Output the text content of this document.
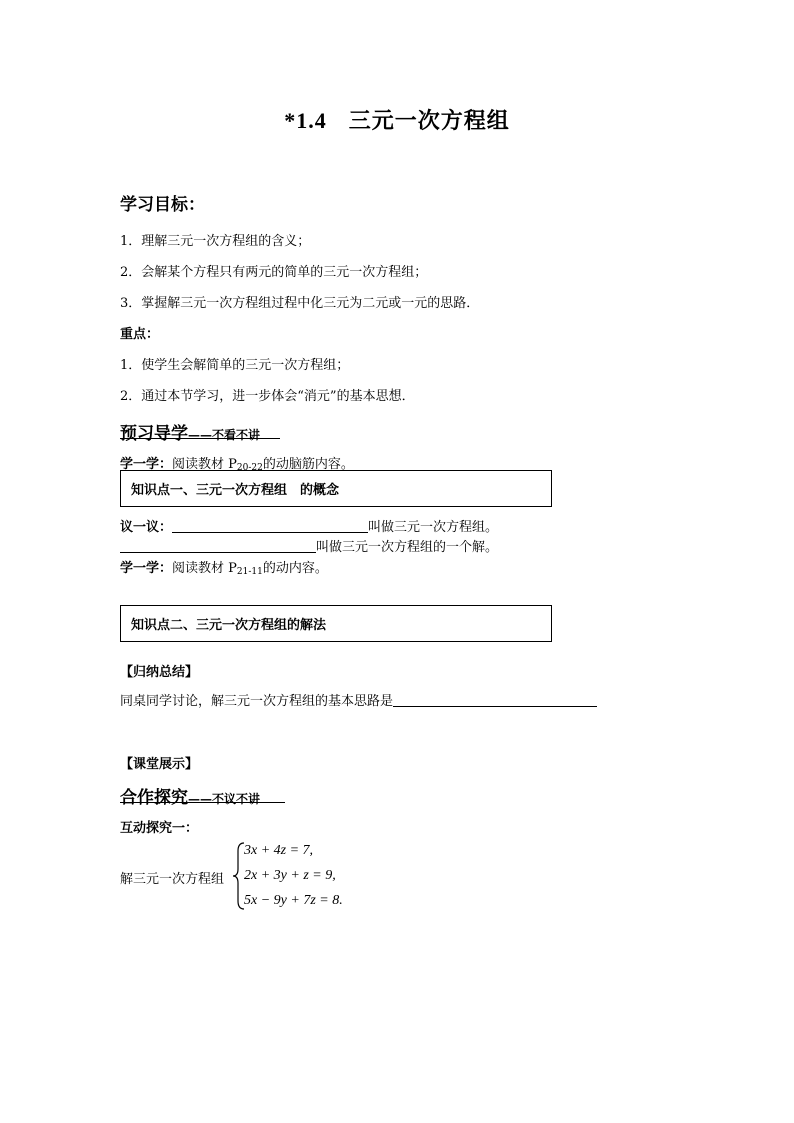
*1.4 三元一次方程组
学习目标：
1．理解三元一次方程组的含义；
2．会解某个方程只有两元的简单的三元一次方程组；
3．掌握解三元一次方程组过程中化三元为二元或一元的思路．
重点：
1．使学生会解简单的三元一次方程组；
2．通过本节学习，进一步体会“消元”的基本思想．
预习导学——不看不讲
学一学：阅读教材 $P_{20-22}$的动脑筋内容。
知识点一、三元一次方程组　的概念
议一议：	叫做三元一次方程组。
叫做三元一次方程组的一个解。
学一学：阅读教材 $P_{21-11}$的动内容。
知识点二、三元一次方程组的解法
【归纳总结】
同桌同学讨论，解三元一次方程组的基本思路是
【课堂展示】
合作探究——不议不讲
互动探究一：
解三元一次方程组
3x + 4z = 7,
2x + 3y + z = 9,
5x − 9y + 7z = 8.
